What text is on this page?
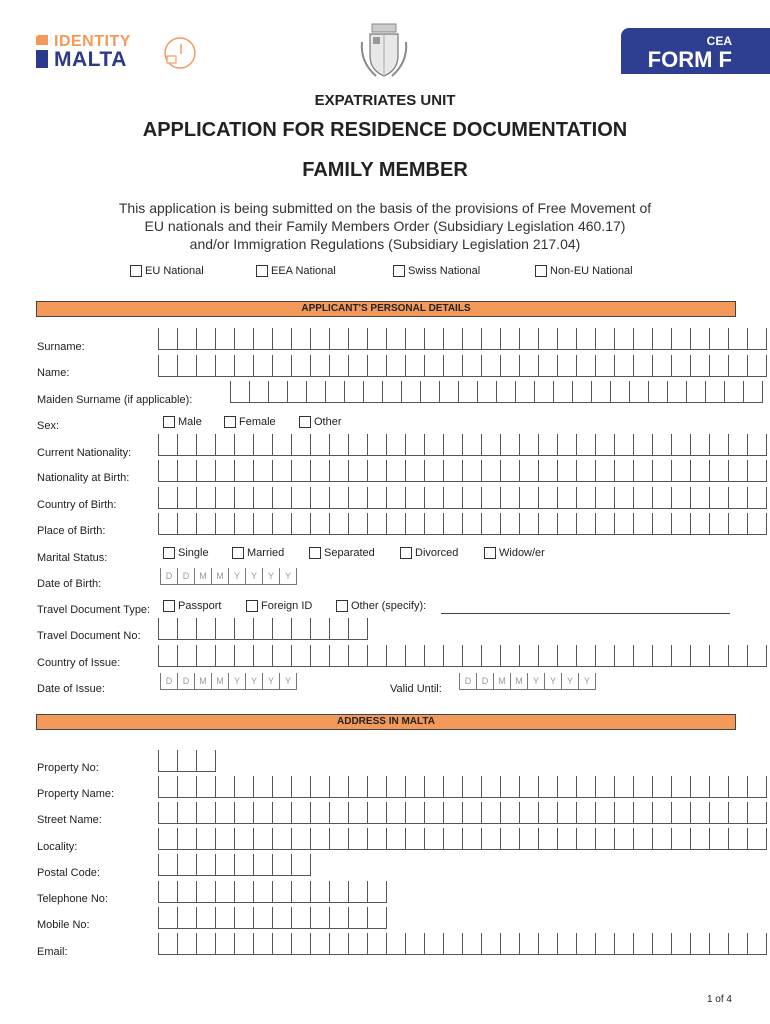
IDENTITY
MALTA
CEA
FORM F
EXPATRIATES UNIT
APPLICATION FOR RESIDENCE DOCUMENTATION
FAMILY MEMBER
This application is being submitted on the basis of the provisions of Free Movement of
EU nationals and their Family Members Order (Subsidiary Legislation 460.17)
and/or Immigration Regulations (Subsidiary Legislation 217.04)
EU National	EEA National	Swiss National	Non-EU National
APPLICANT'S PERSONAL DETAILS
Surname:
Name:
Maiden Surname (if applicable):
Sex:	Male	Female	Other
Current Nationality:
Nationality at Birth:
Country of Birth:
Place of Birth:
Marital Status:	Single	Married	Separated	Divorced	Widow/er
Date of Birth:
D	D	M	M	Y	Y	Y	Y
Travel Document Type:	Passport	Foreign ID	Other (specify):
Travel Document No:
Country of Issue:
Date of Issue:
D	D	M	M	Y	Y	Y	Y
Valid Until:
D	D	M	M	Y	Y	Y	Y
ADDRESS IN MALTA
Property No:
Property Name:
Street Name:
Locality:
Postal Code:
Telephone No:
Mobile No:
Email:
1 of 4
